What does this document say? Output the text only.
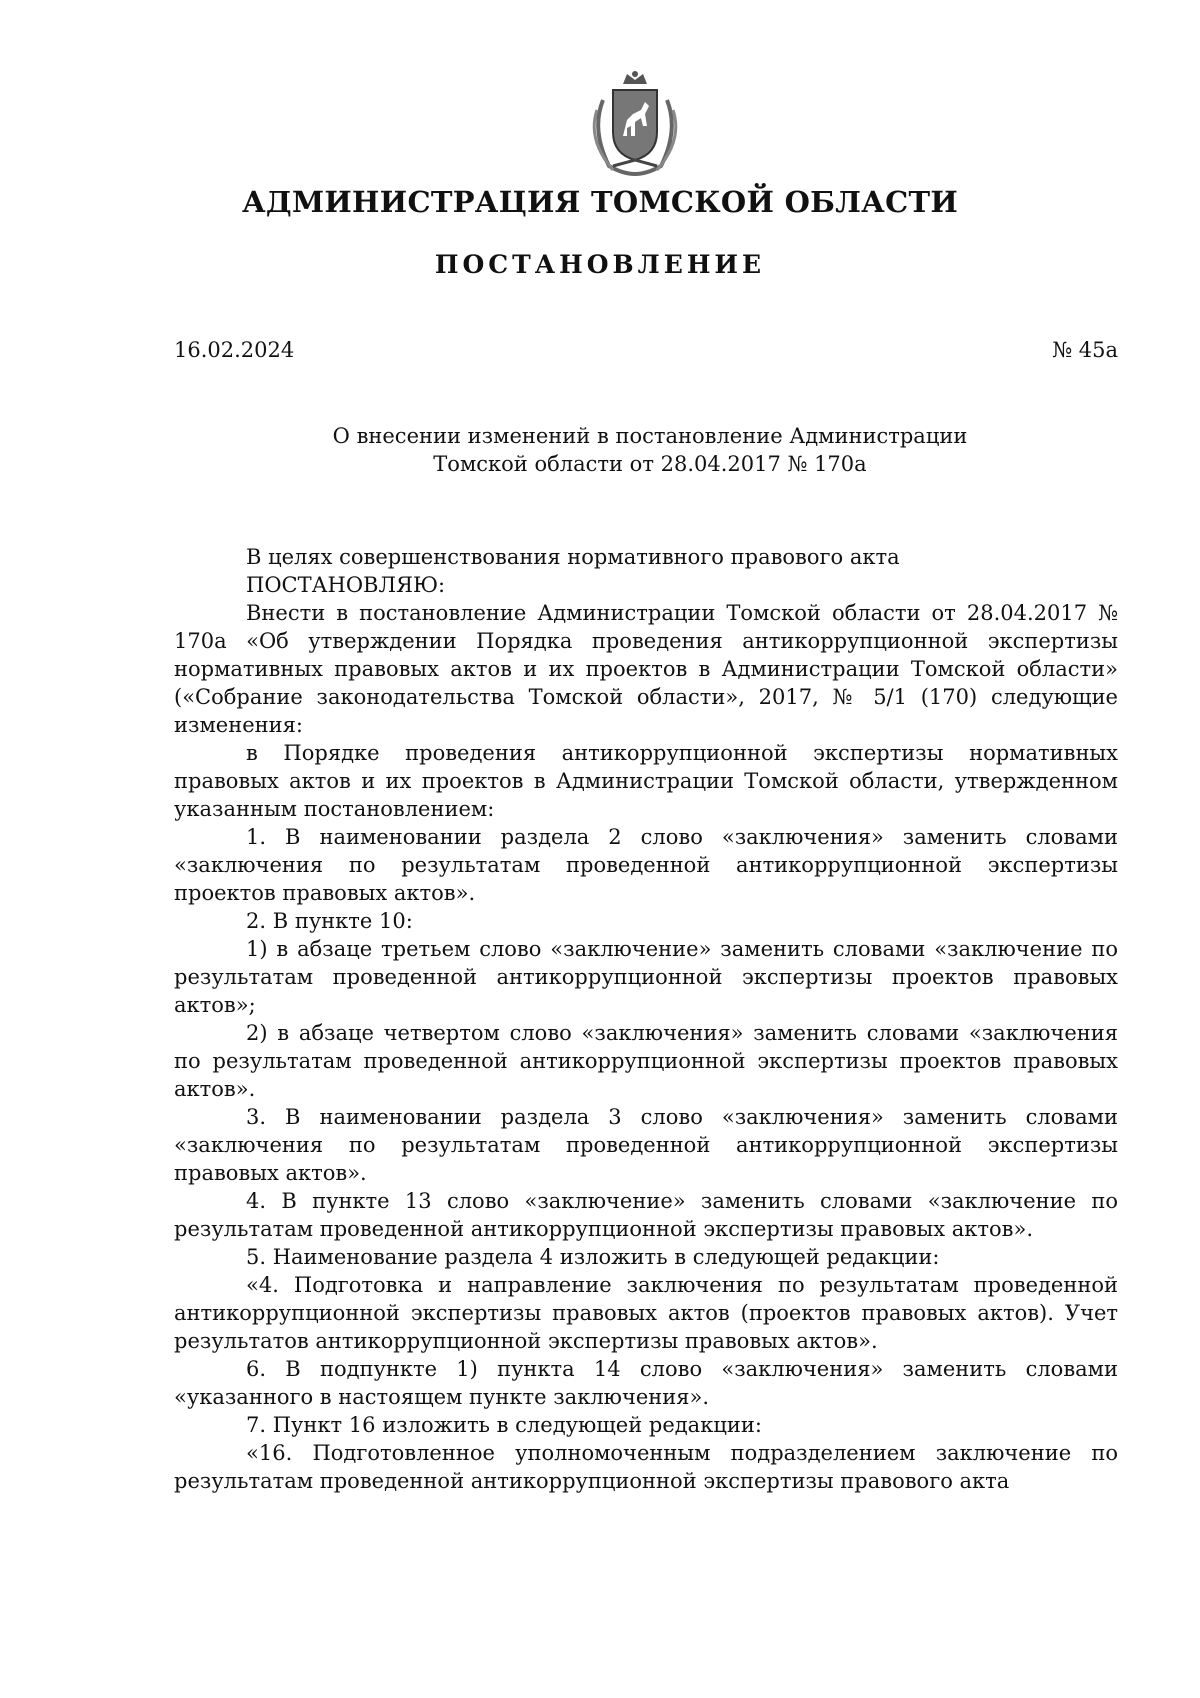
АДМИНИСТРАЦИЯ ТОМСКОЙ ОБЛАСТИ
ПОСТАНОВЛЕНИЕ
16.02.2024	№ 45а
О внесении изменений в постановление Администрации
Томской области от 28.04.2017 № 170а

В целях совершенствования нормативного правового акта

ПОСТАНОВЛЯЮ:

Внести в постановление Администрации Томской области от 28.04.2017 № 170а «Об утверждении Порядка проведения антикоррупционной экспертизы нормативных правовых актов и их проектов в Администрации Томской области» («Собрание законодательства Томской области», 2017, № 5/1 (170) следующие изменения:

в Порядке проведения антикоррупционной экспертизы нормативных правовых актов и их проектов в Администрации Томской области, утвержденном указанным постановлением:

1. В наименовании раздела 2 слово «заключения» заменить словами «заключения по результатам проведенной антикоррупционной экспертизы проектов правовых актов».

2. В пункте 10:

1) в абзаце третьем слово «заключение» заменить словами «заключение по результатам проведенной антикоррупционной экспертизы проектов правовых актов»;

2) в абзаце четвертом слово «заключения» заменить словами «заключения по результатам проведенной антикоррупционной экспертизы проектов правовых актов».

3. В наименовании раздела 3 слово «заключения» заменить словами «заключения по результатам проведенной антикоррупционной экспертизы правовых актов».

4. В пункте 13 слово «заключение» заменить словами «заключение по результатам проведенной антикоррупционной экспертизы правовых актов».

5. Наименование раздела 4 изложить в следующей редакции:

«4. Подготовка и направление заключения по результатам проведенной антикоррупционной экспертизы правовых актов (проектов правовых актов). Учет результатов антикоррупционной экспертизы правовых актов».

6. В подпункте 1) пункта 14 слово «заключения» заменить словами «указанного в настоящем пункте заключения».

7. Пункт 16 изложить в следующей редакции:

«16. Подготовленное уполномоченным подразделением заключение по результатам проведенной антикоррупционной экспертизы правового акта
